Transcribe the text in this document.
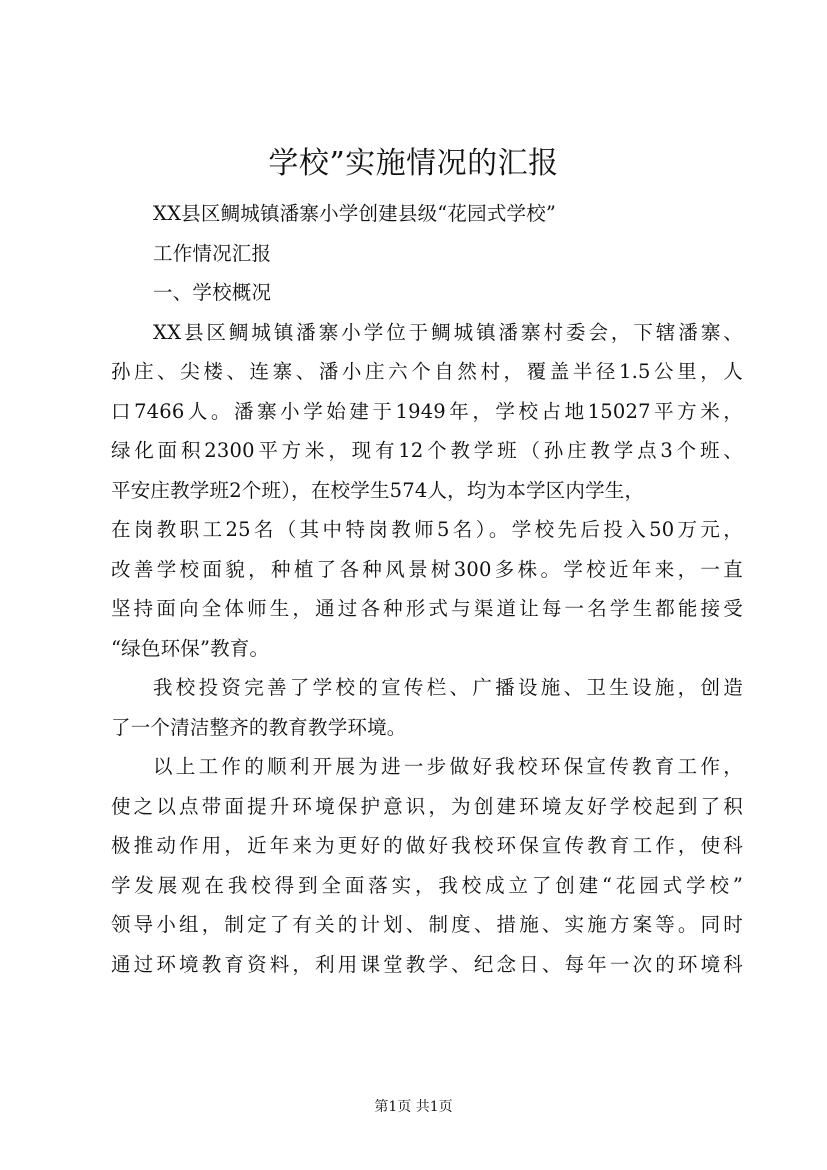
学校”实施情况的汇报
XX县区鲷城镇潘寨小学创建县级“花园式学校”
工作情况汇报
一、学校概况
XX县区鲷城镇潘寨小学位于鲷城镇潘寨村委会，下辖潘寨、
孙庄、尖楼、连寨、潘小庄六个自然村，覆盖半径1.5公里，人
口7466人。潘寨小学始建于1949年，学校占地15027平方米，
绿化面积2300平方米，现有12个教学班（孙庄教学点3个班、
平安庄教学班2个班），在校学生574人，均为本学区内学生，
在岗教职工25名（其中特岗教师5名）。学校先后投入50万元，
改善学校面貌，种植了各种风景树300多株。学校近年来，一直
坚持面向全体师生，通过各种形式与渠道让每一名学生都能接受
“绿色环保”教育。
我校投资完善了学校的宣传栏、广播设施、卫生设施，创造
了一个清洁整齐的教育教学环境。
以上工作的顺利开展为进一步做好我校环保宣传教育工作，
使之以点带面提升环境保护意识，为创建环境友好学校起到了积
极推动作用，近年来为更好的做好我校环保宣传教育工作，使科
学发展观在我校得到全面落实，我校成立了创建“花园式学校”
领导小组，制定了有关的计划、制度、措施、实施方案等。同时
通过环境教育资料，利用课堂教学、纪念日、每年一次的环境科
第1页 共1页
